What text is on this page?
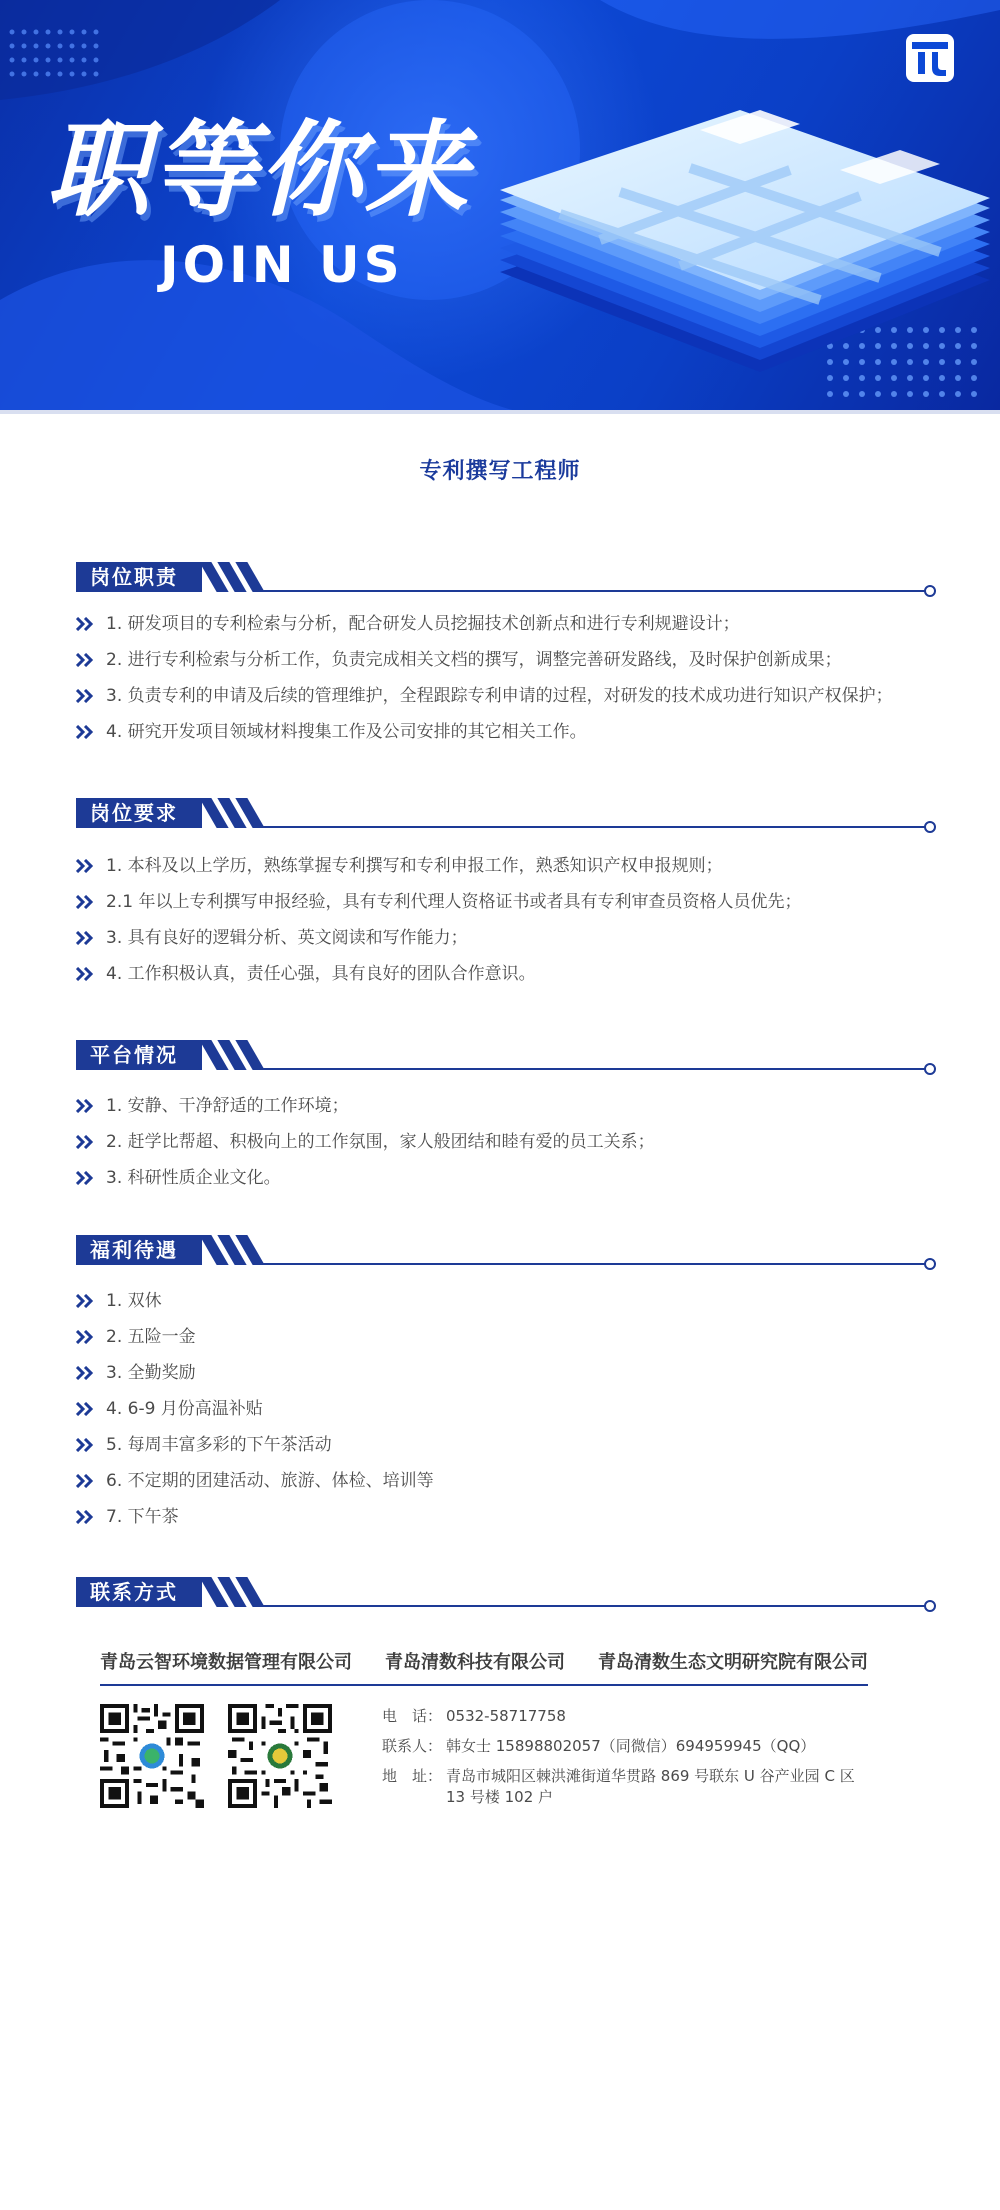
职等你来

JOIN US

专利撰写工程师
岗位职责
1. 研发项目的专利检索与分析，配合研发人员挖掘技术创新点和进行专利规避设计；
2. 进行专利检索与分析工作，负责完成相关文档的撰写，调整完善研发路线，及时保护创新成果；
3. 负责专利的申请及后续的管理维护，全程跟踪专利申请的过程，对研发的技术成功进行知识产权保护；
4. 研究开发项目领域材料搜集工作及公司安排的其它相关工作。
岗位要求
1. 本科及以上学历，熟练掌握专利撰写和专利申报工作，熟悉知识产权申报规则；
2.1 年以上专利撰写申报经验，具有专利代理人资格证书或者具有专利审查员资格人员优先；
3. 具有良好的逻辑分析、英文阅读和写作能力；
4. 工作积极认真，责任心强，具有良好的团队合作意识。
平台情况
1. 安静、干净舒适的工作环境；
2. 赶学比帮超、积极向上的工作氛围，家人般团结和睦有爱的员工关系；
3. 科研性质企业文化。
福利待遇
1. 双休
2. 五险一金
3. 全勤奖励
4. 6-9 月份高温补贴
5. 每周丰富多彩的下午茶活动
6. 不定期的团建活动、旅游、体检、培训等
7. 下午茶
联系方式
青岛云智环境数据管理有限公司 青岛清数科技有限公司 青岛清数生态文明研究院有限公司
电　话： 0532-58717758
联系人： 韩女士 15898802057（同微信）694959945（QQ）
地　址： 青岛市城阳区棘洪滩街道华贯路 869 号联东 U 谷产业园 C 区 13 号楼 102 户
